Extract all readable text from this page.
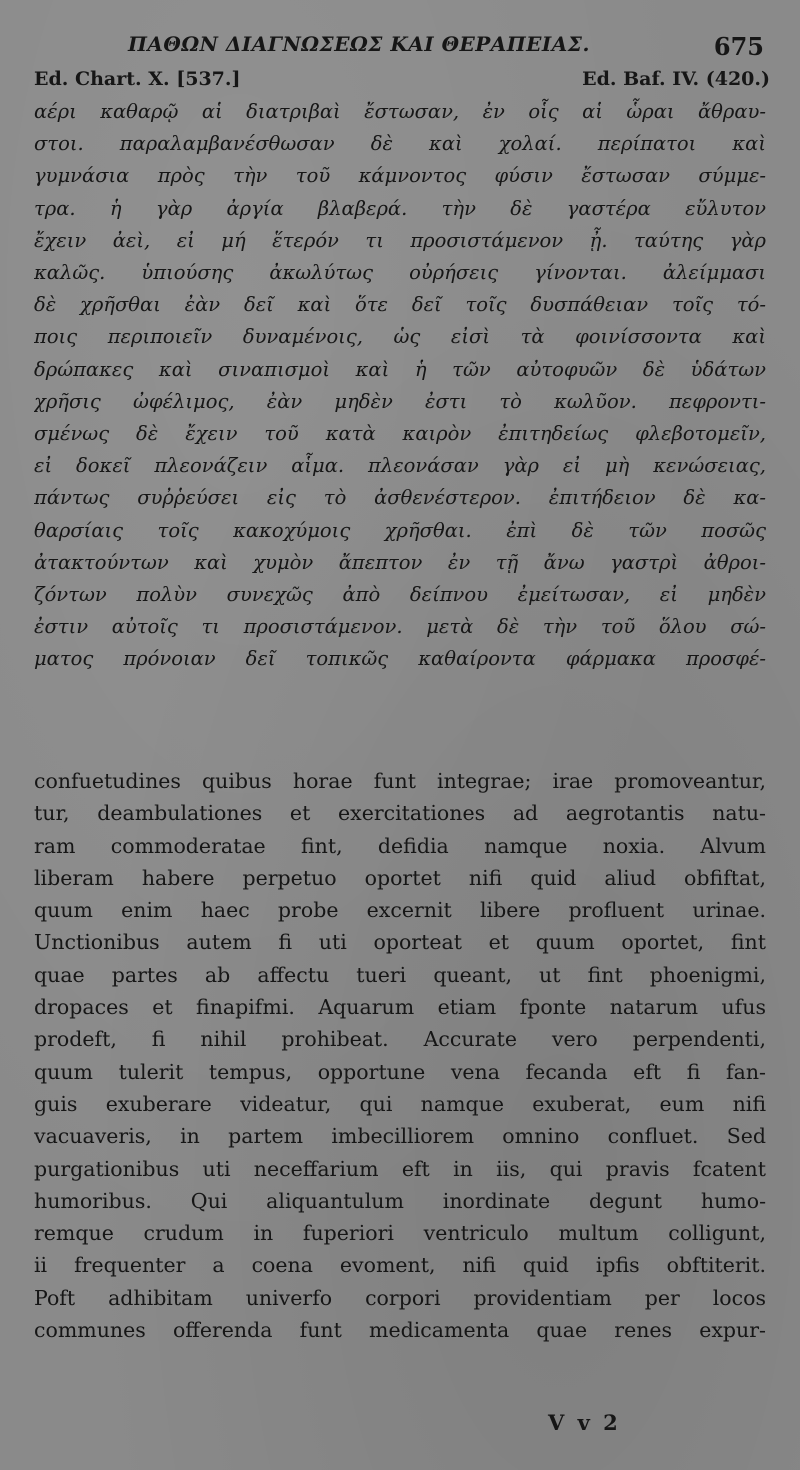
ΠΑΘΩΝ ΔΙΑΓΝΩΣΕΩΣ ΚΑΙ ΘΕΡΑΠΕΙΑΣ.	675
Ed. Chart. X. [537.]	Ed. Baf. IV. (420.)
αέρι καθαρῷ αἱ διατριβαὶ ἔστωσαν, ἐν οἷς αἱ ὧραι ἄθραυ-
στοι. παραλαμβανέσθωσαν δὲ καὶ χολαί. περίπατοι καὶ
γυμνάσια πρὸς τὴν τοῦ κάμνοντος φύσιν ἔστωσαν σύμμε-
τρα. ἡ γὰρ ἀργία βλαβερά. τὴν δὲ γαστέρα εὔλυτον
ἔχειν ἀεὶ, εἰ μή ἕτερόν τι προσιστάμενον ᾖ. ταύτης γὰρ
καλῶς. ὑπιούσης ἀκωλύτως οὐρήσεις γίνονται. ἀλείμμασι
δὲ χρῆσθαι ἐὰν δεῖ καὶ ὅτε δεῖ τοῖς δυσπάθειαν τοῖς τό-
ποις περιποιεῖν δυναμένοις, ὡς εἰσὶ τὰ φοινίσσοντα καὶ
δρώπακες καὶ σιναπισμοὶ καὶ ἡ τῶν αὐτοφυῶν δὲ ὑδάτων
χρῆσις ὠφέλιμος, ἐὰν μηδὲν ἐστι τὸ κωλῦον. πεφροντι-
σμένως δὲ ἔχειν τοῦ κατὰ καιρὸν ἐπιτηδείως φλεβοτομεῖν,
εἰ δοκεῖ πλεονάζειν αἷμα. πλεονάσαν γὰρ εἰ μὴ κενώσειας,
πάντως συῤῥεύσει εἰς τὸ ἀσθενέστερον. ἐπιτήδειον δὲ κα-
θαρσίαις τοῖς κακοχύμοις χρῆσθαι. ἐπὶ δὲ τῶν ποσῶς
ἀτακτούντων καὶ χυμὸν ἄπεπτον ἐν τῇ ἄνω γαστρὶ ἀθροι-
ζόντων πολὺν συνεχῶς ἀπὸ δείπνου ἐμείτωσαν, εἰ μηδὲν
ἐστιν αὐτοῖς τι προσιστάμενον. μετὰ δὲ τὴν τοῦ ὅλου σώ-
ματος πρόνοιαν δεῖ τοπικῶς καθαίροντα φάρμακα προσφέ-
confuetudines quibus horae funt integrae; irae promoveantur,
tur, deambulationes et exercitationes ad aegrotantis natu-
ram commoderatae fint, defidia namque noxia. Alvum
liberam habere perpetuo oportet nifi quid aliud obfiftat,
quum enim haec probe excernit libere profluent urinae.
Unctionibus autem fi uti oporteat et quum oportet, fint
quae partes ab affectu tueri queant, ut fint phoenigmi,
dropaces et finapifmi. Aquarum etiam fponte natarum ufus
prodeft, fi nihil prohibeat. Accurate vero perpendenti,
quum tulerit tempus, opportune vena fecanda eft fi fan-
guis exuberare videatur, qui namque exuberat, eum nifi
vacuaveris, in partem imbecilliorem omnino confluet. Sed
purgationibus uti neceffarium eft in iis, qui pravis fcatent
humoribus. Qui aliquantulum inordinate degunt humo-
remque crudum in fuperiori ventriculo multum colligunt,
ii frequenter a coena evoment, nifi quid ipfis obftiterit.
Poft adhibitam univerfo corpori providentiam per locos
communes offerenda funt medicamenta quae renes expur-
V v 2
